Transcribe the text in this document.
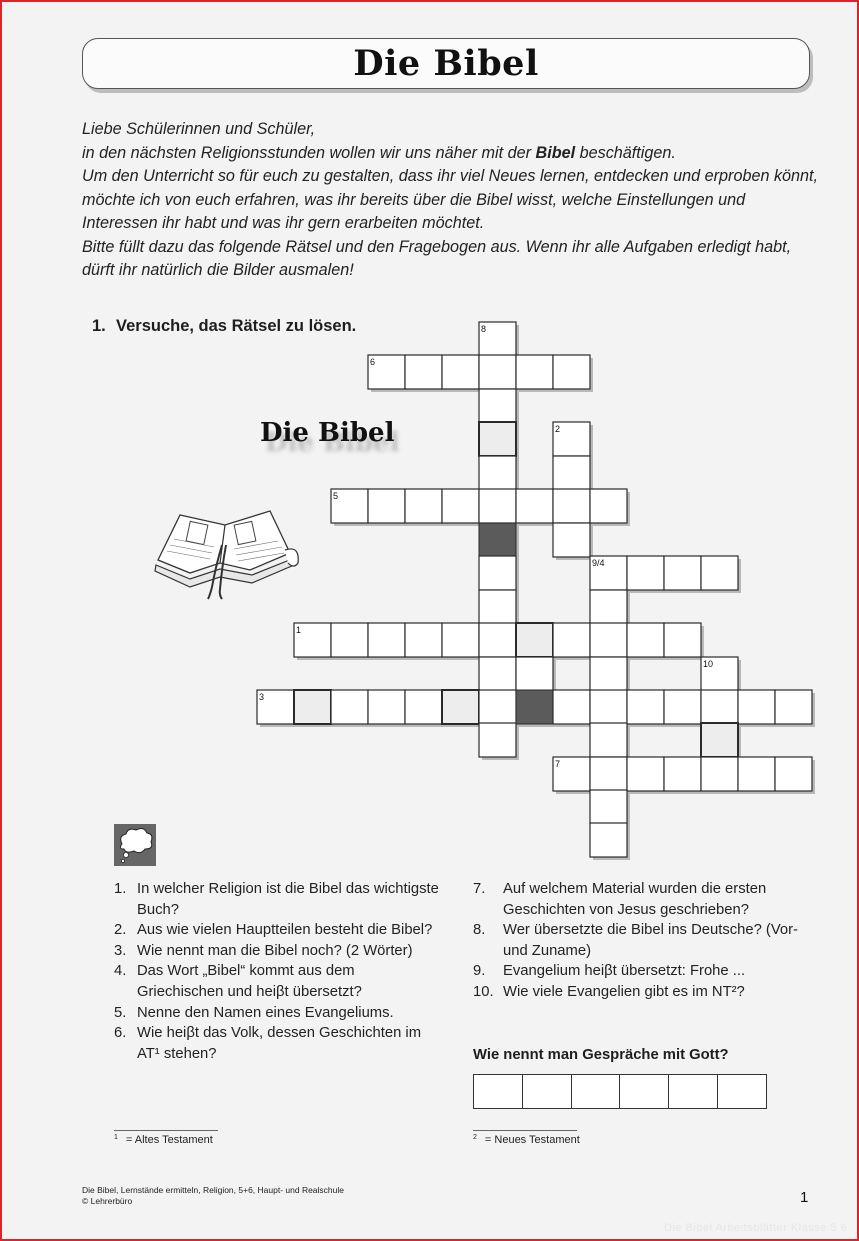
Die Bibel

Liebe Schülerinnen und Schüler,

in den nächsten Religionsstunden wollen wir uns näher mit der Bibel beschäftigen.

Um den Unterricht so für euch zu gestalten, dass ihr viel Neues lernen, entdecken und erproben könnt, möchte ich von euch erfahren, was ihr bereits über die Bibel wisst, welche Einstellungen und Interessen ihr habt und was ihr gern erarbeiten möchtet.

Bitte füllt dazu das folgende Rätsel und den Fragebogen aus. Wenn ihr alle Aufgaben erledigt habt, dürft ihr natürlich die Bilder ausmalen!

1. Versuche, das Rätsel zu lösen.	8
6
2
5
9/4
1
10
3
7
Die Bibel
1. In welcher Religion ist die Bibel das wichtigste Buch?
2. Aus wie vielen Hauptteilen besteht die Bibel?
3. Wie nennt man die Bibel noch? (2 Wörter)
4. Das Wort „Bibel“ kommt aus dem Griechischen und heiβt übersetzt?
5. Nenne den Namen eines Evangeliums.
6. Wie heiβt das Volk, dessen Geschichten im AT¹ stehen?
7. Auf welchem Material wurden die ersten Geschichten von Jesus geschrieben?
8. Wer übersetzte die Bibel ins Deutsche? (Vor- und Zuname)
9. Evangelium heiβt übersetzt: Frohe ...
10. Wie viele Evangelien gibt es im NT²?
Wie nennt man Gespräche mit Gott?
$^1$ = Altes Testament	$^2$ = Neues Testament
Die Bibel, Lernstände ermitteln, Religion, 5+6, Haupt- und Realschule
© Lehrerbüro	1
Die Bibel Arbeitsblätter Klasse 5 6
